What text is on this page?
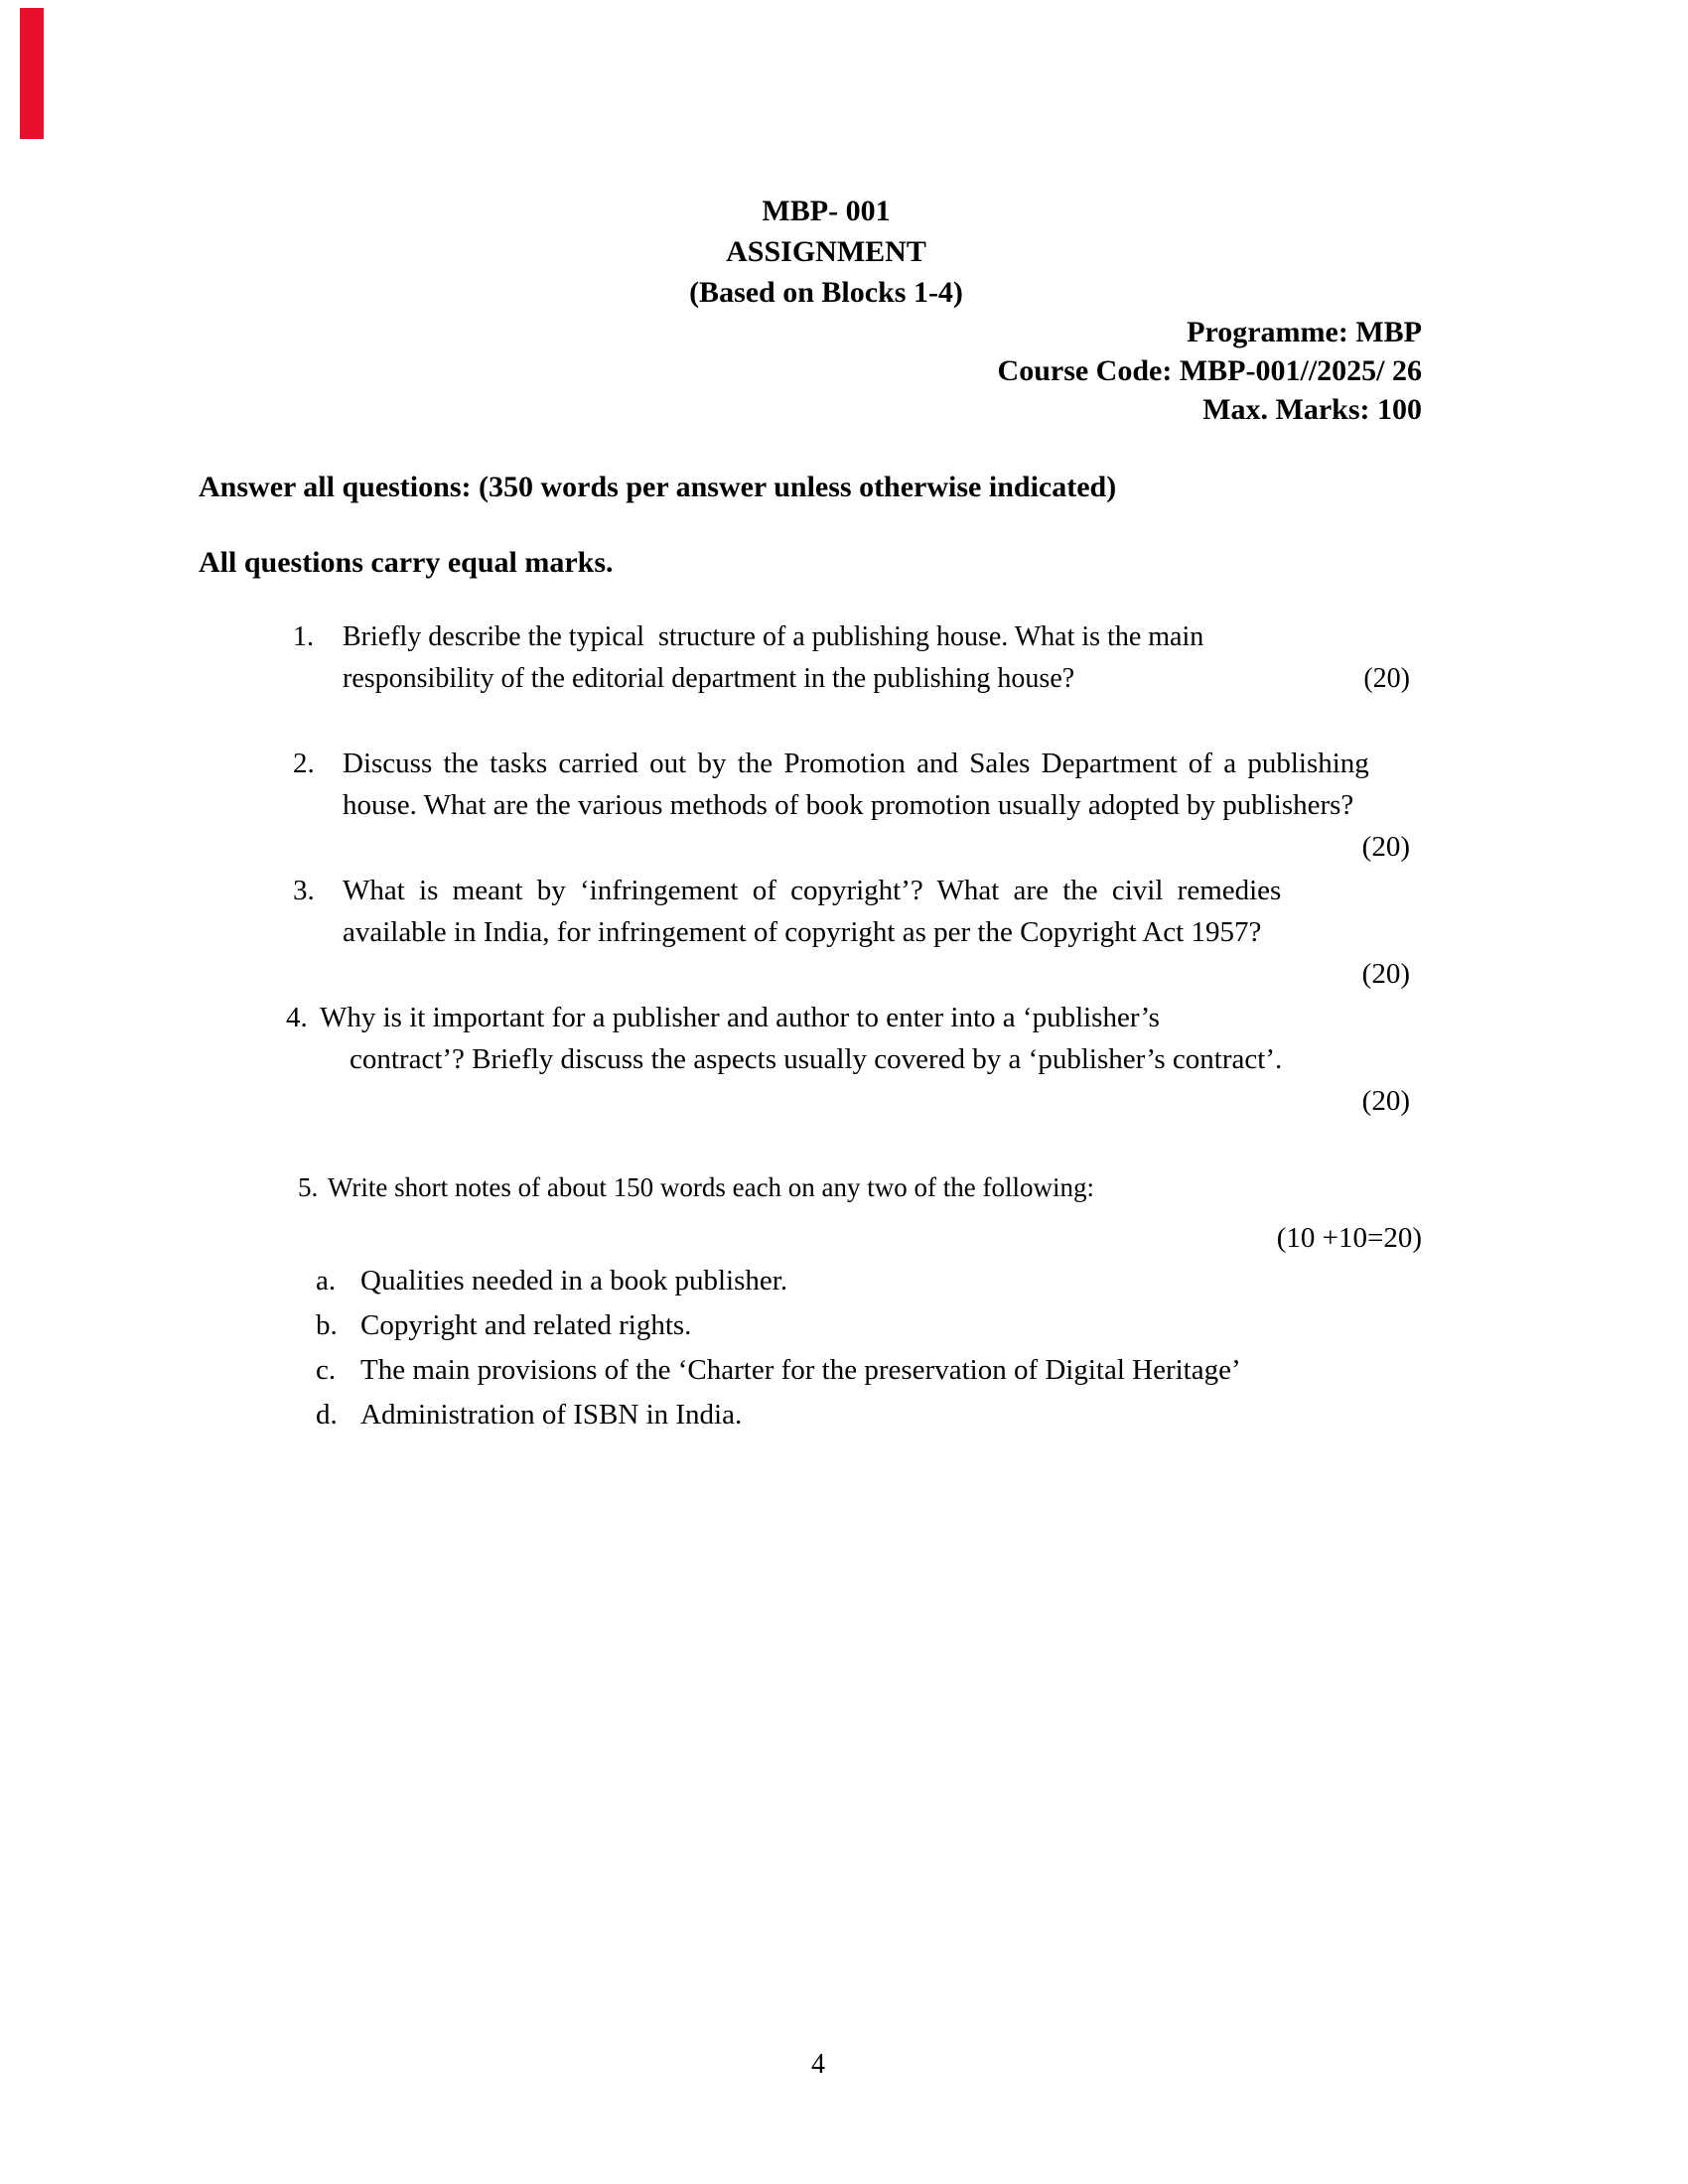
MBP- 001
ASSIGNMENT
(Based on Blocks 1-4)
Programme: MBP
Course Code: MBP-001//2025/ 26
Max. Marks: 100
Answer all questions: (350 words per answer unless otherwise indicated)
All questions carry equal marks.
1.	Briefly describe the typical  structure of a publishing house. What is the main
responsibility of the editorial department in the publishing house?	(20)
2. Discuss the tasks carried out by the Promotion and Sales Department of a publishing
house. What are the various methods of book promotion usually adopted by publishers?
(20)
3. What is meant by ‘infringement of copyright’? What are the civil remedies
available in India, for infringement of copyright as per the Copyright Act 1957?
(20)
4. Why is it important for a publisher and author to enter into a ‘publisher’s
contract’? Briefly discuss the aspects usually covered by a ‘publisher’s contract’.
(20)
5. Write short notes of about 150 words each on any two of the following:
(10 +10=20)
a. Qualities needed in a book publisher.
b. Copyright and related rights.
c. The main provisions of the ‘Charter for the preservation of Digital Heritage’
d. Administration of ISBN in India.
4
